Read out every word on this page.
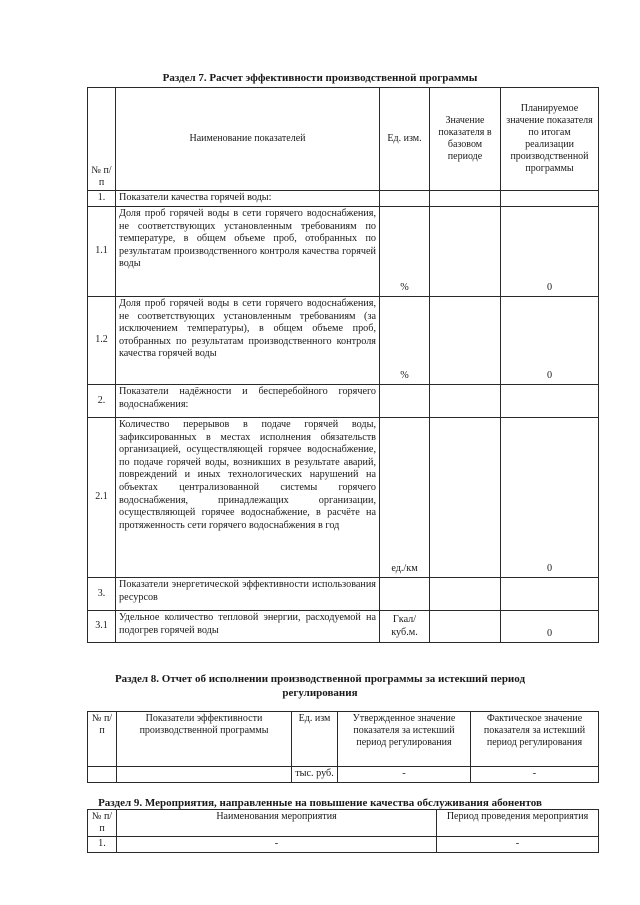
Раздел 7. Расчет эффективности производственной программы
№ п/п	Наименование показателей	Ед. изм.	Значение показателя в базовом периоде	Планируемое значение показателя по итогам реализации производственной программы
1.	Показатели качества горячей воды:			
1.1	Доля проб горячей воды в сети горячего водоснабжения, не соответствующих установленным требованиям по температуре, в общем объеме проб, отобранных по результатам производственного контроля качества горячей воды	%		0
1.2	Доля проб горячей воды в сети горячего водоснабжения, не соответствующих установленным требованиям (за исключением температуры), в общем объеме проб, отобранных по результатам производственного контроля качества горячей воды	%		0
2.	Показатели надёжности и бесперебойного горячего водоснабжения:			
2.1	Количество перерывов в подаче горячей воды, зафиксированных в местах исполнения обязательств организацией, осуществляющей горячее водоснабжение, по подаче горячей воды, возникших в результате аварий, повреждений и иных технологических нарушений на объектах централизованной системы горячего водоснабжения, принадлежащих организации, осуществляющей горячее водоснабжение, в расчёте на протяженность сети горячего водоснабжения в год	ед./км		0
3.	Показатели энергетической эффективности использования ресурсов			
3.1	Удельное количество тепловой энергии, расходуемой на подогрев горячей воды	Гкал/ куб.м.		0
Раздел 8. Отчет об исполнении производственной программы за истекший период
регулирования
№ п/п	Показатели эффективности производственной программы	Ед. изм	Утвержденное значение показателя за истекший период регулирования	Фактическое значение показателя за истекший период регулирования
		тыс. руб.	-	-
Раздел 9. Мероприятия, направленные на повышение качества обслуживания абонентов
№ п/п	Наименования мероприятия	Период проведения мероприятия
1.	-	-
